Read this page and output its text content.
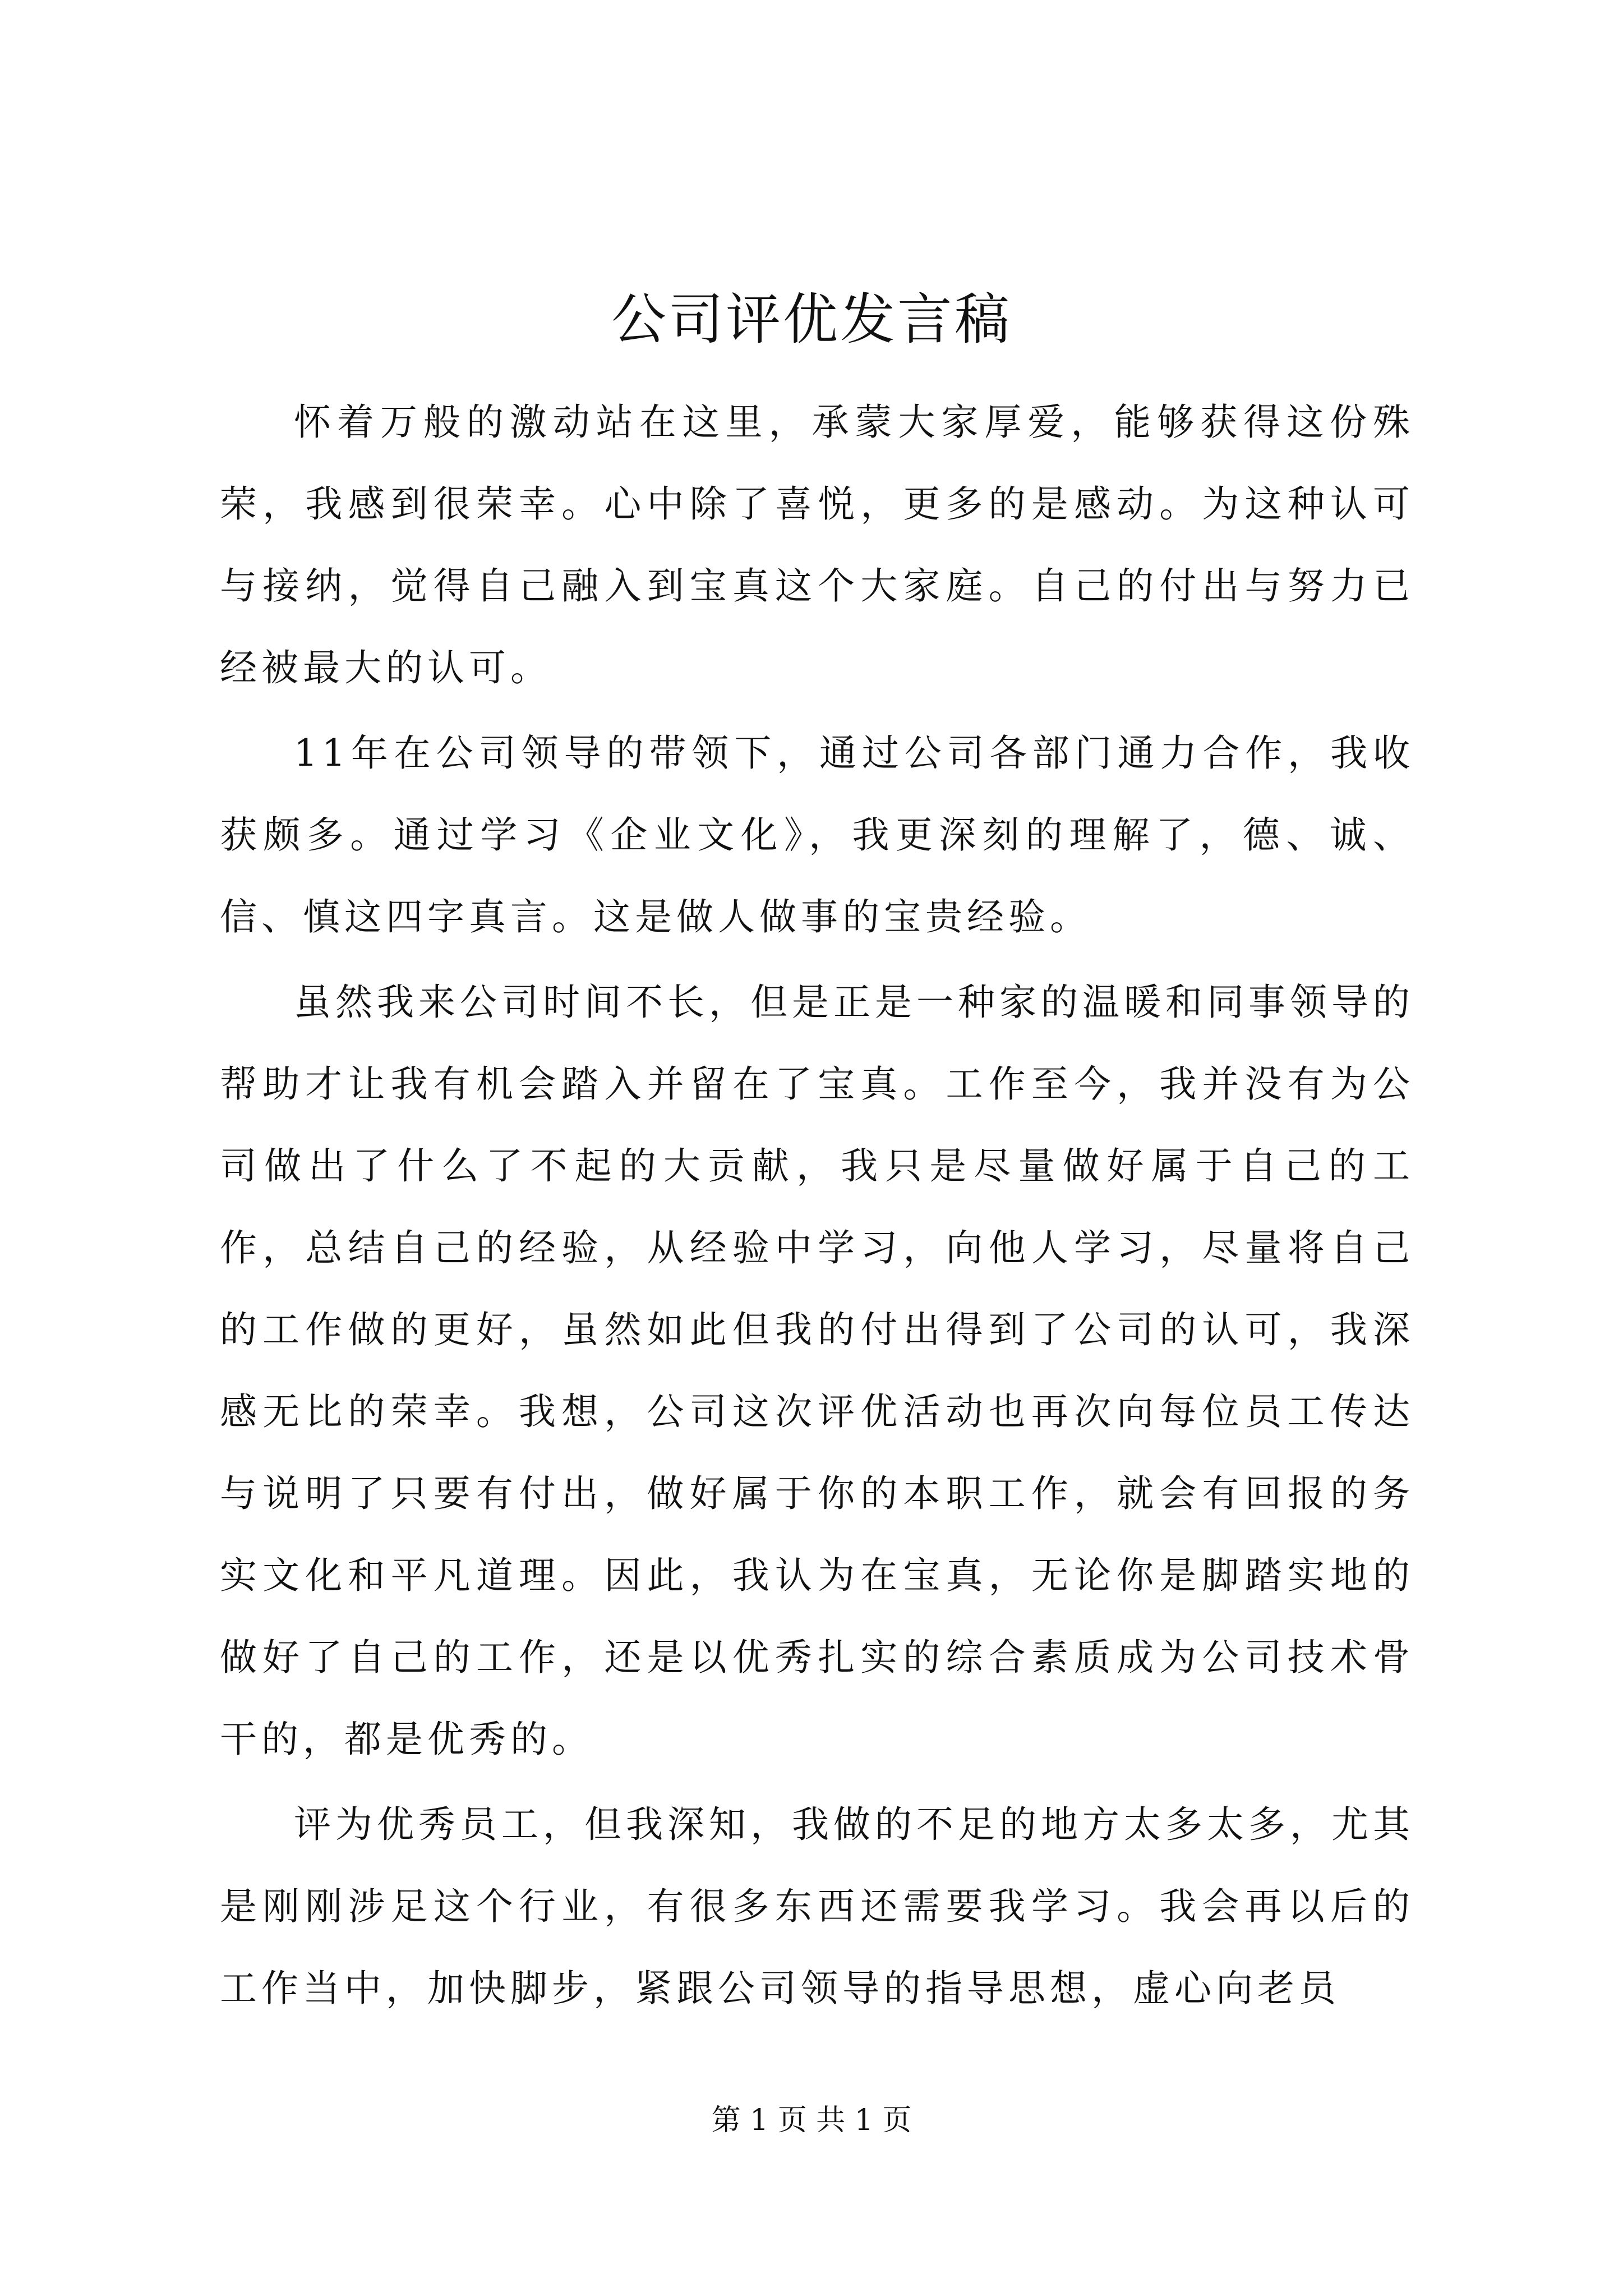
公司评优发言稿

怀着万般的激动站在这里，承蒙大家厚爱，能够获得这份殊荣，我感到很荣幸。心中除了喜悦，更多的是感动。为这种认可与接纳，觉得自己融入到宝真这个大家庭。自己的付出与努力已经被最大的认可。

11年在公司领导的带领下，通过公司各部门通力合作，我收获颇多。通过学习《企业文化》，我更深刻的理解了，德、诚、信、慎这四字真言。这是做人做事的宝贵经验。

虽然我来公司时间不长，但是正是一种家的温暖和同事领导的帮助才让我有机会踏入并留在了宝真。工作至今，我并没有为公司做出了什么了不起的大贡献，我只是尽量做好属于自己的工作，总结自己的经验，从经验中学习，向他人学习，尽量将自己的工作做的更好，虽然如此但我的付出得到了公司的认可，我深感无比的荣幸。我想，公司这次评优活动也再次向每位员工传达与说明了只要有付出，做好属于你的本职工作，就会有回报的务实文化和平凡道理。因此，我认为在宝真，无论你是脚踏实地的做好了自己的工作，还是以优秀扎实的综合素质成为公司技术骨干的，都是优秀的。

评为优秀员工，但我深知，我做的不足的地方太多太多，尤其是刚刚涉足这个行业，有很多东西还需要我学习。我会再以后的工作当中，加快脚步，紧跟公司领导的指导思想，虚心向老员

第 1 页 共 1 页
